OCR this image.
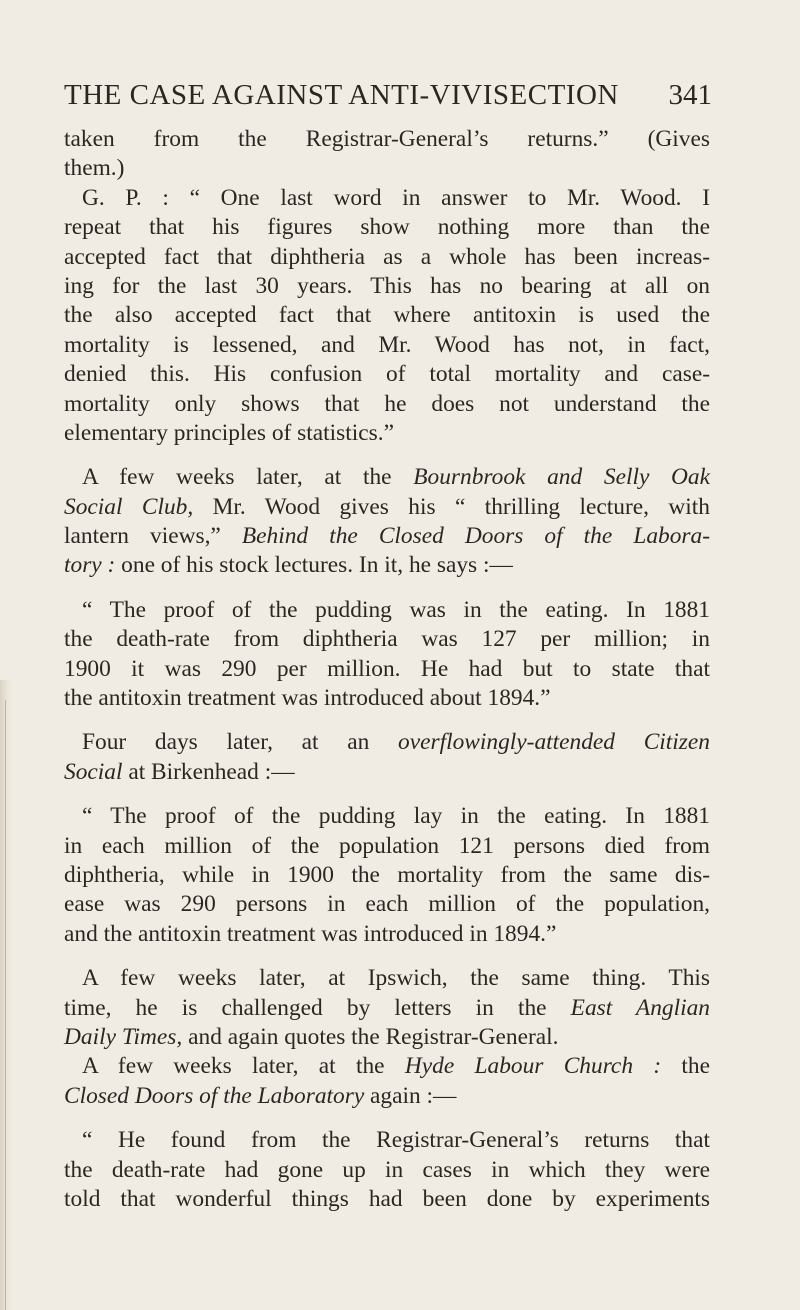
THE CASE AGAINST ANTI-VIVISECTION 341
taken from the Registrar-General’s returns.” (Gives
them.)
G. P. : “ One last word in answer to Mr. Wood. I
repeat that his figures show nothing more than the
accepted fact that diphtheria as a whole has been increas-
ing for the last 30 years. This has no bearing at all on
the also accepted fact that where antitoxin is used the
mortality is lessened, and Mr. Wood has not, in fact,
denied this. His confusion of total mortality and case-
mortality only shows that he does not understand the
elementary principles of statistics.”
A few weeks later, at the Bournbrook and Selly Oak
Social Club, Mr. Wood gives his “ thrilling lecture, with
lantern views,” Behind the Closed Doors of the Labora-
tory : one of his stock lectures. In it, he says :—
“ The proof of the pudding was in the eating. In 1881
the death-rate from diphtheria was 127 per million; in
1900 it was 290 per million. He had but to state that
the antitoxin treatment was introduced about 1894.”
Four days later, at an overflowingly-attended Citizen
Social at Birkenhead :—
“ The proof of the pudding lay in the eating. In 1881
in each million of the population 121 persons died from
diphtheria, while in 1900 the mortality from the same dis-
ease was 290 persons in each million of the population,
and the antitoxin treatment was introduced in 1894.”
A few weeks later, at Ipswich, the same thing. This
time, he is challenged by letters in the East Anglian
Daily Times, and again quotes the Registrar-General.
A few weeks later, at the Hyde Labour Church : the
Closed Doors of the Laboratory again :—
“ He found from the Registrar-General’s returns that
the death-rate had gone up in cases in which they were
told that wonderful things had been done by experiments
